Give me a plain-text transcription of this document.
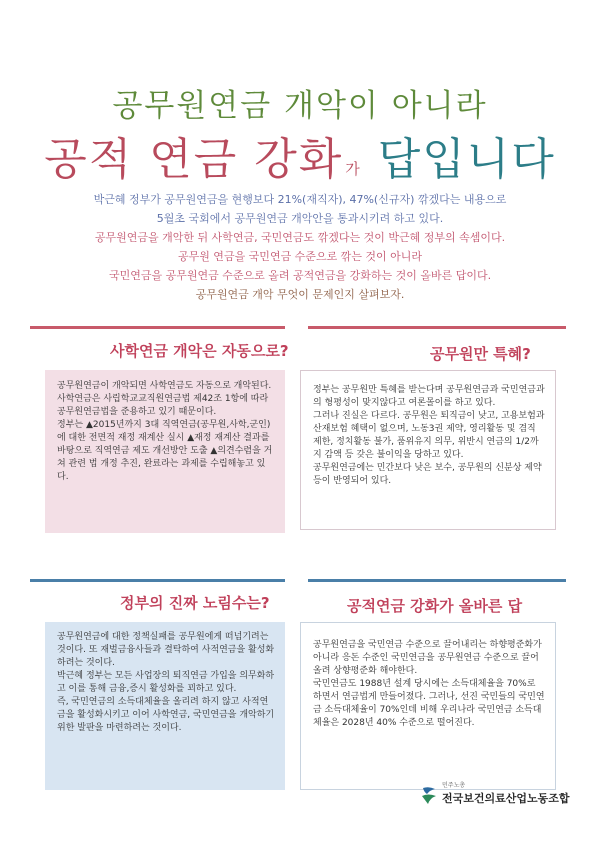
공무원연금 개악이 아니라
공적 연금 강화 가 답입니다
박근혜 정부가 공무원연금을 현행보다 21%(재직자), 47%(신규자) 깎겠다는 내용으로
5월초 국회에서 공무원연금 개악안을 통과시키려 하고 있다.
공무원연금을 개악한 뒤 사학연금, 국민연금도 깎겠다는 것이 박근혜 정부의 속셈이다.
공무원 연금을 국민연금 수준으로 깎는 것이 아니라
국민연금을 공무원연금 수준으로 올려 공적연금을 강화하는 것이 올바른 답이다.
공무원연금 개악 무엇이 문제인지 살펴보자.
사학연금 개악은 자동으로?	공무원만 특혜?
정부의 진짜 노림수는?	공적연금 강화가 올바른 답

공무원연금이 개악되면 사학연금도 자동으로 개악된다.

사학연금은 사립학교교직원연금법 제42조 1항에 따라 공무원연금법을 준용하고 있기 때문이다.

정부는 ▲2015년까지 3대 직역연금(공무원,사학,군인)에 대한 전면적 재정 재계산 실시 ▲재정 재계산 결과를 바탕으로 직역연금 제도 개선방안 도출 ▲의견수렴을 거쳐 관련 법 개정 추진, 완료라는 과제를 수립해놓고 있다.

정부는 공무원만 특혜를 받는다며 공무원연금과 국민연금과의 형평성이 맞지않다고 여론몰이를 하고 있다.

그러나 진실은 다르다. 공무원은 퇴직금이 낮고, 고용보험과 산재보험 혜택이 없으며, 노동3권 제약, 영리활동 및 겸직 제한, 정치활동 불가, 품위유지 의무, 위반시 연금의 1/2까지 감액 등 갖은 불이익을 당하고 있다.

공무원연금에는 민간보다 낮은 보수, 공무원의 신분상 제약 등이 반영되어 있다.

공무원연금에 대한 정책실패를 공무원에게 떠넘기려는 것이다. 또 재벌금융사들과 결탁하여 사적연금을 활성화하려는 것이다.

박근혜 정부는 모든 사업장의 퇴직연금 가입을 의무화하고 이를 통해 금융,증시 활성화를 꾀하고 있다.

즉, 국민연금의 소득대체율을 올리려 하지 않고 사적연금을 활성화시키고 이어 사학연금, 국민연금을 개악하기 위한 발판을 마련하려는 것이다.

공무원연금을 국민연금 수준으로 끌어내리는 하향평준화가 아니라 응돈 수준인 국민연금을 공무원연금 수준으로 끌어올려 상향평준화 해야한다.

국민연금도 1988년 설계 당시에는 소득대체율을 70%로 하면서 연금법게 만들어졌다. 그러나, 선진 국민들의 국민연금 소득대체율이 70%인데 비해 우리나라 국민연금 소득대체율은 2028년 40% 수준으로 떨어진다.

민주노총
전국보건의료산업노동조합
